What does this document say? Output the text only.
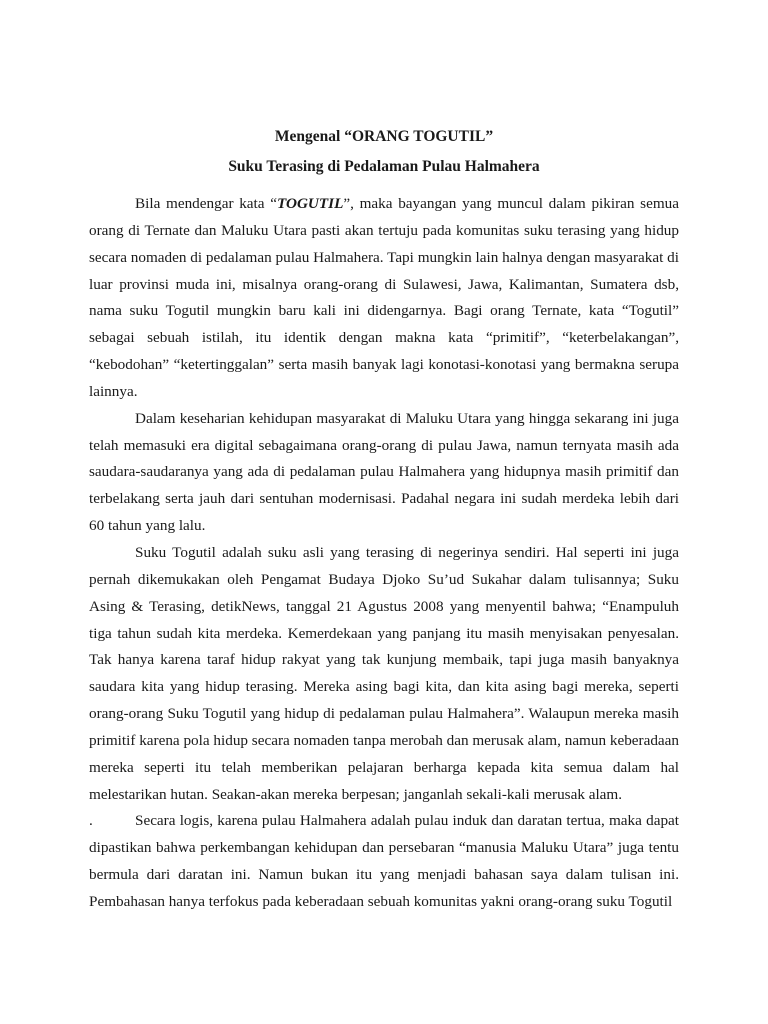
Mengenal “ORANG TOGUTIL”
Suku Terasing di Pedalaman Pulau Halmahera

Bila mendengar kata “TOGUTIL”, maka bayangan yang muncul dalam pikiran semua orang di Ternate dan Maluku Utara pasti akan tertuju pada komunitas suku terasing yang hidup secara nomaden di pedalaman pulau Halmahera. Tapi mungkin lain halnya dengan masyarakat di luar provinsi muda ini, misalnya orang-orang di Sulawesi, Jawa, Kalimantan, Sumatera dsb, nama suku Togutil mungkin baru kali ini didengarnya. Bagi orang Ternate, kata “Togutil” sebagai sebuah istilah, itu identik dengan makna kata “primitif”, “keterbelakangan”, “kebodohan” “ketertinggalan” serta masih banyak lagi konotasi-konotasi yang bermakna serupa lainnya.

Dalam keseharian kehidupan masyarakat di Maluku Utara yang hingga sekarang ini juga telah memasuki era digital sebagaimana orang-orang di pulau Jawa, namun ternyata masih ada saudara-saudaranya yang ada di pedalaman pulau Halmahera yang hidupnya masih primitif dan terbelakang serta jauh dari sentuhan modernisasi. Padahal negara ini sudah merdeka lebih dari 60 tahun yang lalu.

Suku Togutil adalah suku asli yang terasing di negerinya sendiri. Hal seperti ini juga pernah dikemukakan oleh Pengamat Budaya Djoko Su’ud Sukahar dalam tulisannya; Suku Asing & Terasing, detikNews, tanggal 21 Agustus 2008 yang menyentil bahwa; “Enampuluh tiga tahun sudah kita merdeka. Kemerdekaan yang panjang itu masih menyisakan penyesalan. Tak hanya karena taraf hidup rakyat yang tak kunjung membaik, tapi juga masih banyaknya saudara kita yang hidup terasing. Mereka asing bagi kita, dan kita asing bagi mereka, seperti orang-orang Suku Togutil yang hidup di pedalaman pulau Halmahera”. Walaupun mereka masih primitif karena pola hidup secara nomaden tanpa merobah dan merusak alam, namun keberadaan mereka seperti itu telah memberikan pelajaran berharga kepada kita semua dalam hal melestarikan hutan. Seakan-akan mereka berpesan; janganlah sekali-kali merusak alam.

.	Secara logis, karena pulau Halmahera adalah pulau induk dan daratan tertua, maka dapat dipastikan bahwa perkembangan kehidupan dan persebaran “manusia Maluku Utara” juga tentu bermula dari daratan ini. Namun bukan itu yang menjadi bahasan saya dalam tulisan ini. Pembahasan hanya terfokus pada keberadaan sebuah komunitas yakni orang-orang suku Togutil
